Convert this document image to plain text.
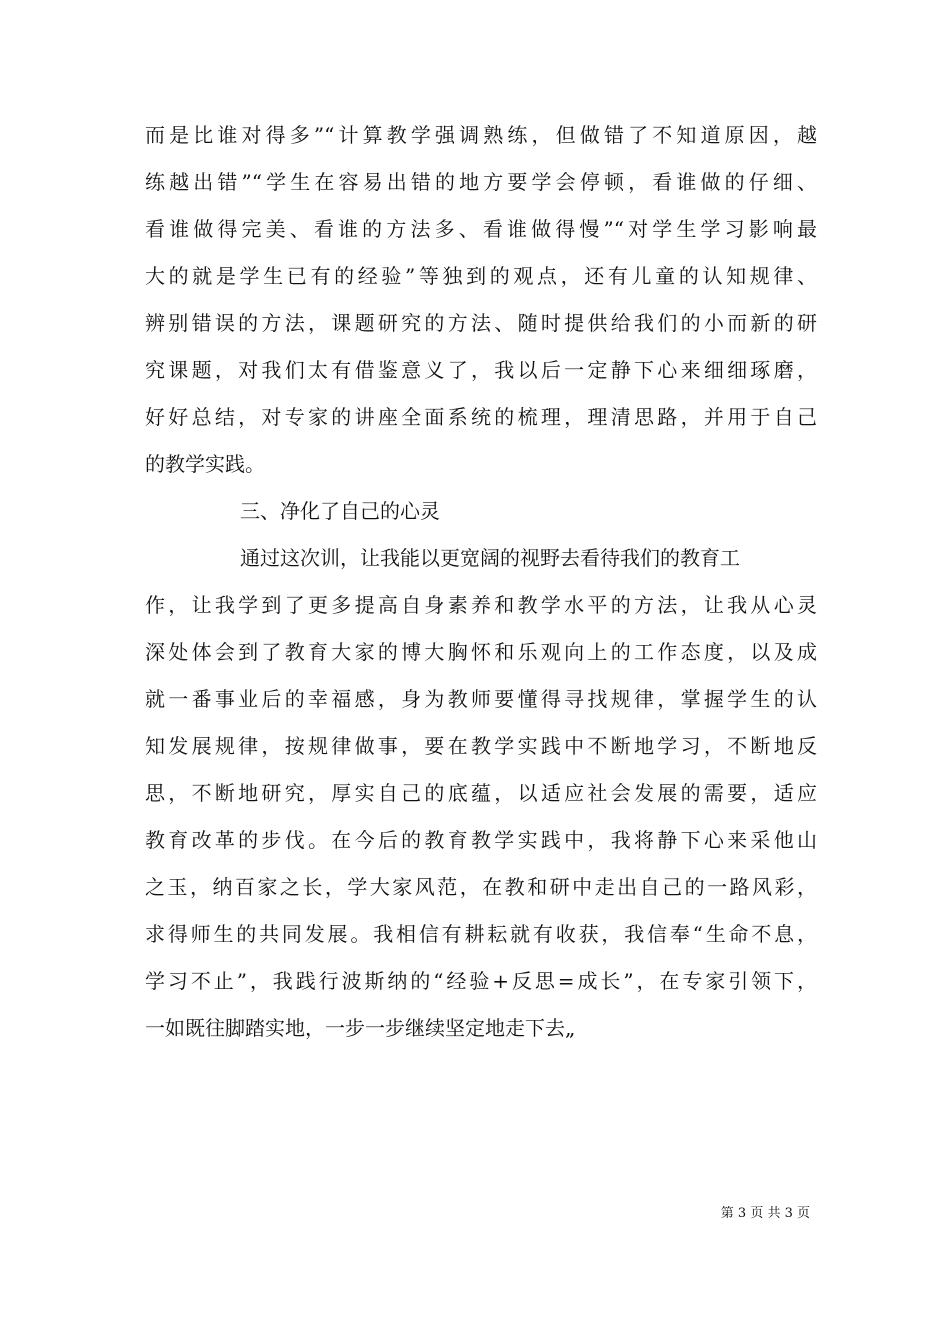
而是比谁对得多”“计算教学强调熟练，但做错了不知道原因，越
练越出错”“学生在容易出错的地方要学会停顿，看谁做的仔细、
看谁做得完美、看谁的方法多、看谁做得慢”“对学生学习影响最
大的就是学生已有的经验”等独到的观点，还有儿童的认知规律、
辨别错误的方法，课题研究的方法、随时提供给我们的小而新的研
究课题，对我们太有借鉴意义了，我以后一定静下心来细细琢磨，
好好总结，对专家的讲座全面系统的梳理，理清思路，并用于自己
的教学实践。
三、净化了自己的心灵
通过这次训，让我能以更宽阔的视野去看待我们的教育工
作，让我学到了更多提高自身素养和教学水平的方法，让我从心灵
深处体会到了教育大家的博大胸怀和乐观向上的工作态度，以及成
就一番事业后的幸福感，身为教师要懂得寻找规律，掌握学生的认
知发展规律，按规律做事，要在教学实践中不断地学习，不断地反
思，不断地研究，厚实自己的底蕴，以适应社会发展的需要，适应
教育改革的步伐。在今后的教育教学实践中，我将静下心来采他山
之玉，纳百家之长，学大家风范，在教和研中走出自己的一路风彩，
求得师生的共同发展。我相信有耕耘就有收获，我信奉“生命不息，
学习不止”，我践行波斯纳的“经验+反思=成长”，在专家引领下，
一如既往脚踏实地，一步一步继续坚定地走下去„
第 3 页 共 3 页
